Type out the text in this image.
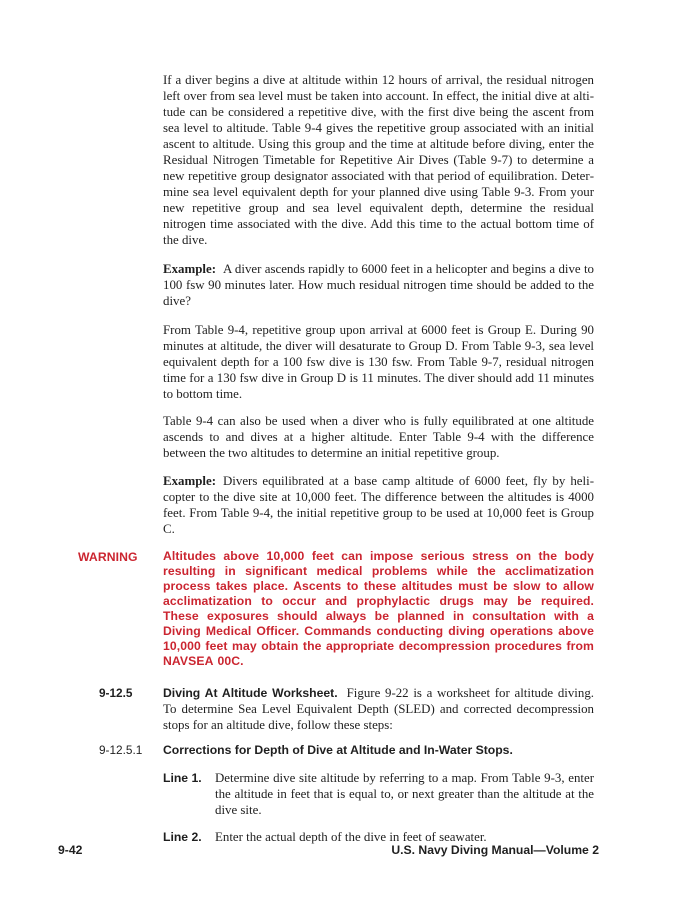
If a diver begins a dive at altitude within 12 hours of arrival, the residual nitrogen left over from sea level must be taken into account. In effect, the initial dive at altitude can be considered a repetitive dive, with the first dive being the ascent from sea level to altitude. Table 9-4 gives the repetitive group associated with an initial ascent to altitude. Using this group and the time at altitude before diving, enter the Residual Nitrogen Timetable for Repetitive Air Dives (Table 9-7) to determine a new repetitive group designator associated with that period of equilibration. Determine sea level equivalent depth for your planned dive using Table 9-3. From your new repetitive group and sea level equivalent depth, determine the residual nitrogen time associated with the dive. Add this time to the actual bottom time of the dive.

Example: A diver ascends rapidly to 6000 feet in a helicopter and begins a dive to 100 fsw 90 minutes later. How much residual nitrogen time should be added to the dive?

From Table 9-4, repetitive group upon arrival at 6000 feet is Group E. During 90 minutes at altitude, the diver will desaturate to Group D. From Table 9-3, sea level equivalent depth for a 100 fsw dive is 130 fsw. From Table 9-7, residual nitrogen time for a 130 fsw dive in Group D is 11 minutes. The diver should add 11 minutes to bottom time.

Table 9-4 can also be used when a diver who is fully equilibrated at one altitude ascends to and dives at a higher altitude. Enter Table 9-4 with the difference between the two altitudes to determine an initial repetitive group.

Example: Divers equilibrated at a base camp altitude of 6000 feet, fly by helicopter to the dive site at 10,000 feet. The difference between the altitudes is 4000 feet. From Table 9-4, the initial repetitive group to be used at 10,000 feet is Group C.

WARNING Altitudes above 10,000 feet can impose serious stress on the body resulting in significant medical problems while the acclimatization process takes place. Ascents to these altitudes must be slow to allow acclimatization to occur and prophylactic drugs may be required. These exposures should always be planned in consultation with a Diving Medical Officer. Commands conducting diving operations above 10,000 feet may obtain the appropriate decompression procedures from NAVSEA 00C.

9-12.5	Diving At Altitude Worksheet. Figure 9-22 is a worksheet for altitude diving. To determine Sea Level Equivalent Depth (SLED) and corrected decompression stops for an altitude dive, follow these steps:

9-12.5.1 Corrections for Depth of Dive at Altitude and In-Water Stops.

Line 1.	Determine dive site altitude by referring to a map. From Table 9-3, enter the altitude in feet that is equal to, or next greater than the altitude at the dive site.

Line 2.	Enter the actual depth of the dive in feet of seawater.

9-42	U.S. Navy Diving Manual—Volume 2
